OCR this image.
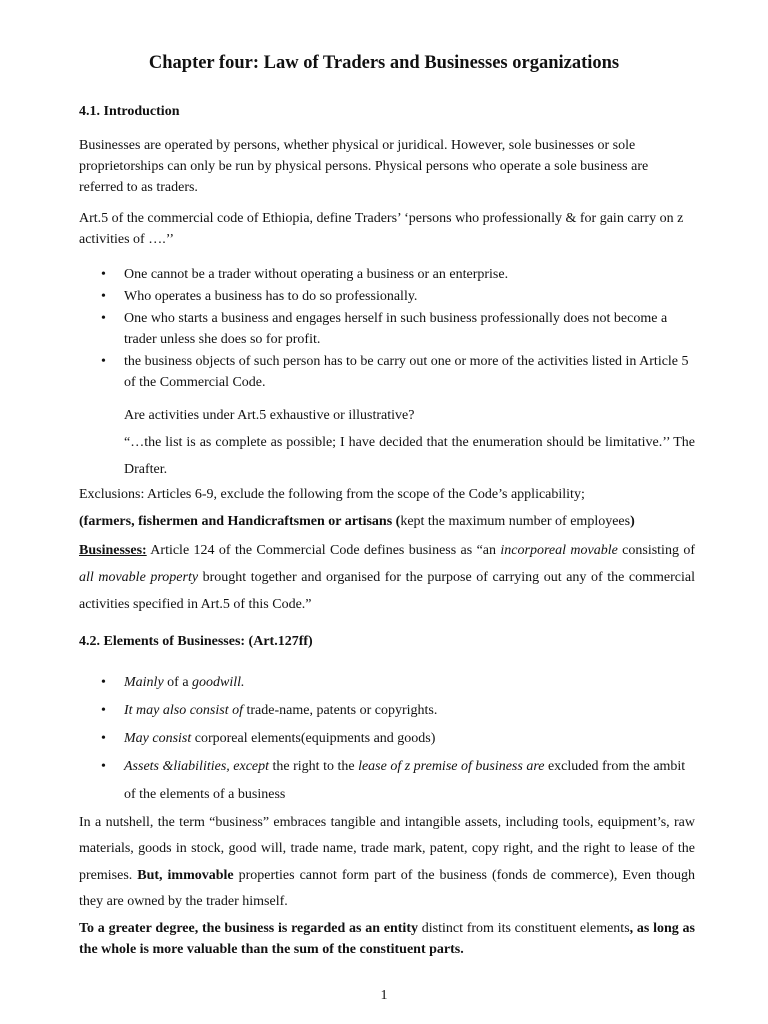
Chapter four: Law of Traders and Businesses organizations
4.1. Introduction
Businesses are operated by persons, whether physical or juridical. However, sole businesses or sole proprietorships can only be run by physical persons. Physical persons who operate a sole business are referred to as traders.
Art.5 of the commercial code of Ethiopia, define Traders’ ‘persons who professionally & for gain carry on z activities of ….’’
• One cannot be a trader without operating a business or an enterprise.
• Who operates a business has to do so professionally.
• One who starts a business and engages herself in such business professionally does not become a trader unless she does so for profit.
• the business objects of such person has to be carry out one or more of the activities listed in Article 5 of the Commercial Code.
Are activities under Art.5 exhaustive or illustrative?
“…the list is as complete as possible; I have decided that the enumeration should be limitative.’’ The Drafter.
Exclusions: Articles 6-9, exclude the following from the scope of the Code’s applicability;
(farmers, fishermen and Handicraftsmen or artisans (kept the maximum number of employees)
Businesses: Article 124 of the Commercial Code defines business as “an incorporeal movable consisting of all movable property brought together and organised for the purpose of carrying out any of the commercial activities specified in Art.5 of this Code.”
4.2. Elements of Businesses: (Art.127ff)
• Mainly of a goodwill.
• It may also consist of trade-name, patents or copyrights.
• May consist corporeal elements(equipments and goods)
• Assets &liabilities, except the right to the lease of z premise of business are excluded from the ambit of the elements of a business
In a nutshell, the term “business” embraces tangible and intangible assets, including tools, equipment’s, raw materials, goods in stock, good will, trade name, trade mark, patent, copy right, and the right to lease of the premises. But, immovable properties cannot form part of the business (fonds de commerce), Even though they are owned by the trader himself.
To a greater degree, the business is regarded as an entity distinct from its constituent elements, as long as the whole is more valuable than the sum of the constituent parts.
1
